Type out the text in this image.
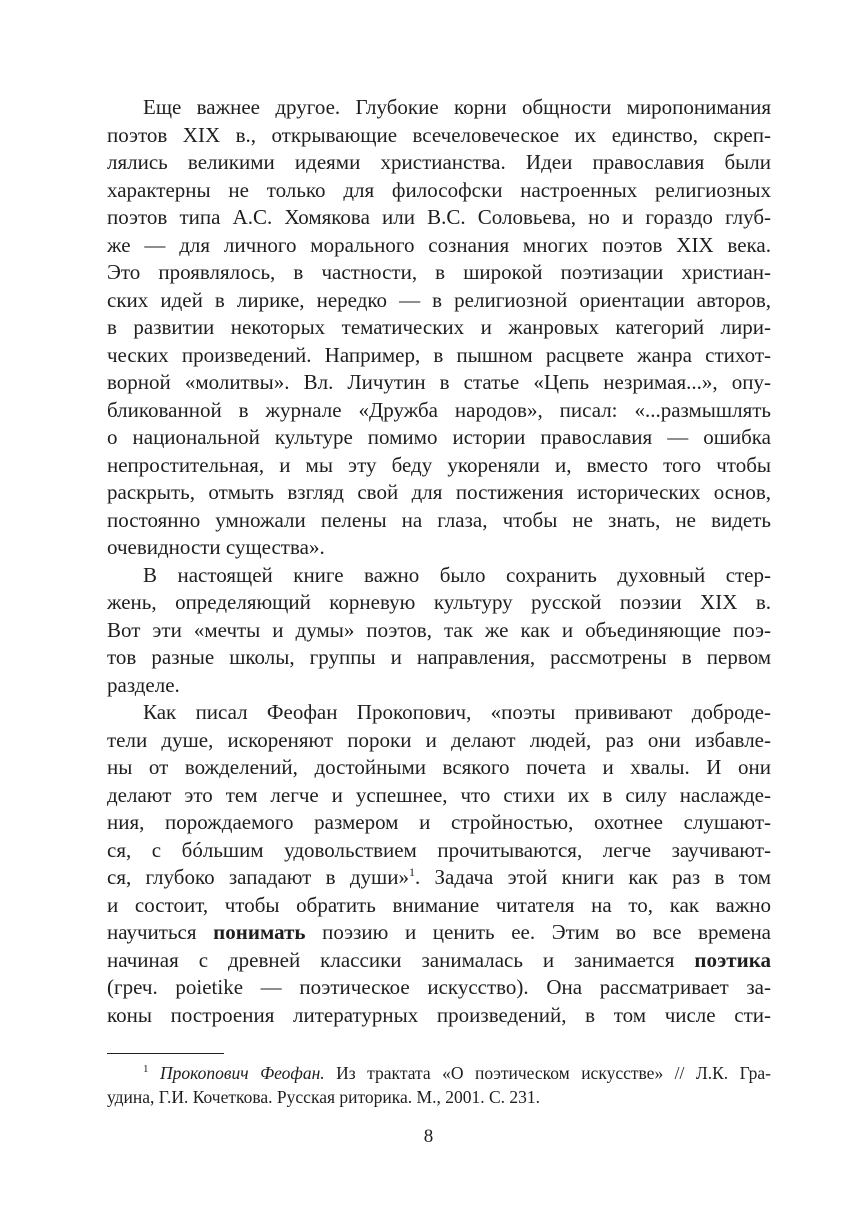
Еще важнее другое. Глубокие корни общности миропонимания
поэтов XIX в., открывающие всечеловеческое их единство, скреп-
лялись великими идеями христианства. Идеи православия были
характерны не только для философски настроенных религиозных
поэтов типа А.С. Хомякова или В.С. Соловьева, но и гораздо глуб-
же — для личного морального сознания многих поэтов XIX века.
Это проявлялось, в частности, в широкой поэтизации христиан-
ских идей в лирике, нередко — в религиозной ориентации авторов,
в развитии некоторых тематических и жанровых категорий лири-
ческих произведений. Например, в пышном расцвете жанра стихот-
ворной «молитвы». Вл. Личутин в статье «Цепь незримая...», опу-
бликованной в журнале «Дружба народов», писал: «...размышлять
о национальной культуре помимо истории православия — ошибка
непростительная, и мы эту беду укореняли и, вместо того чтобы
раскрыть, отмыть взгляд свой для постижения исторических основ,
постоянно умножали пелены на глаза, чтобы не знать, не видеть
очевидности существа».
В настоящей книге важно было сохранить духовный стер-
жень, определяющий корневую культуру русской поэзии XIX в.
Вот эти «мечты и думы» поэтов, так же как и объединяющие поэ-
тов разные школы, группы и направления, рассмотрены в первом
разделе.
Как писал Феофан Прокопович, «поэты прививают доброде-
тели душе, искореняют пороки и делают людей, раз они избавле-
ны от вожделений, достойными всякого почета и хвалы. И они
делают это тем легче и успешнее, что стихи их в силу наслажде-
ния, порождаемого размером и стройностью, охотнее слушают-
ся, с бóльшим удовольствием прочитываются, легче заучивают-
ся, глубоко западают в души»$^1$. Задача этой книги как раз в том
и состоит, чтобы обратить внимание читателя на то, как важно
научиться понимать поэзию и ценить ее. Этим во все времена
начиная с древней классики занималась и занимается поэтика
(греч. poietike — поэтическое искусство). Она рассматривает за-
коны построения литературных произведений, в том числе сти-
$^1$ Прокопович Феофан. Из трактата «О поэтическом искусстве» // Л.К. Гра-
удина, Г.И. Кочеткова. Русская риторика. М., 2001. С. 231.
8
